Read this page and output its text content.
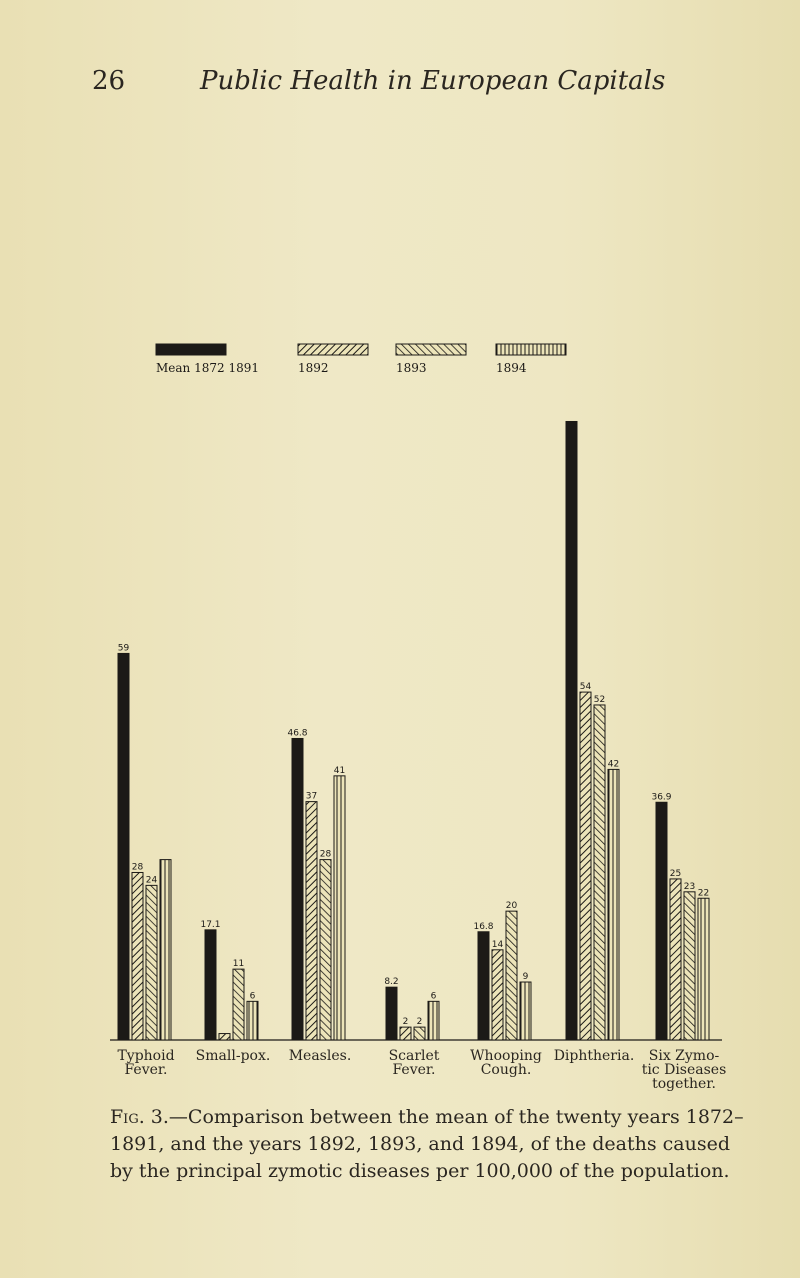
26	Public Health in European Capitals
59
28
24
Typhoid
Fever.
17.1
11
6
Small-pox.
46.8
37
28
41
Measles.
8.2
2 2
6
Scarlet
Fever.
16.8
14
20
9
Whooping
Cough.
54
52
42
Diphtheria.
36.9
25
23
22
Six Zymo-
tic Diseases
together.
Mean 1872 1891	1892	1893	1894
Fig. 3.—Comparison between the mean of the twenty years 1872–1891, and the years 1892, 1893, and 1894, of the deaths caused by the principal zymotic diseases per 100,000 of the population.
